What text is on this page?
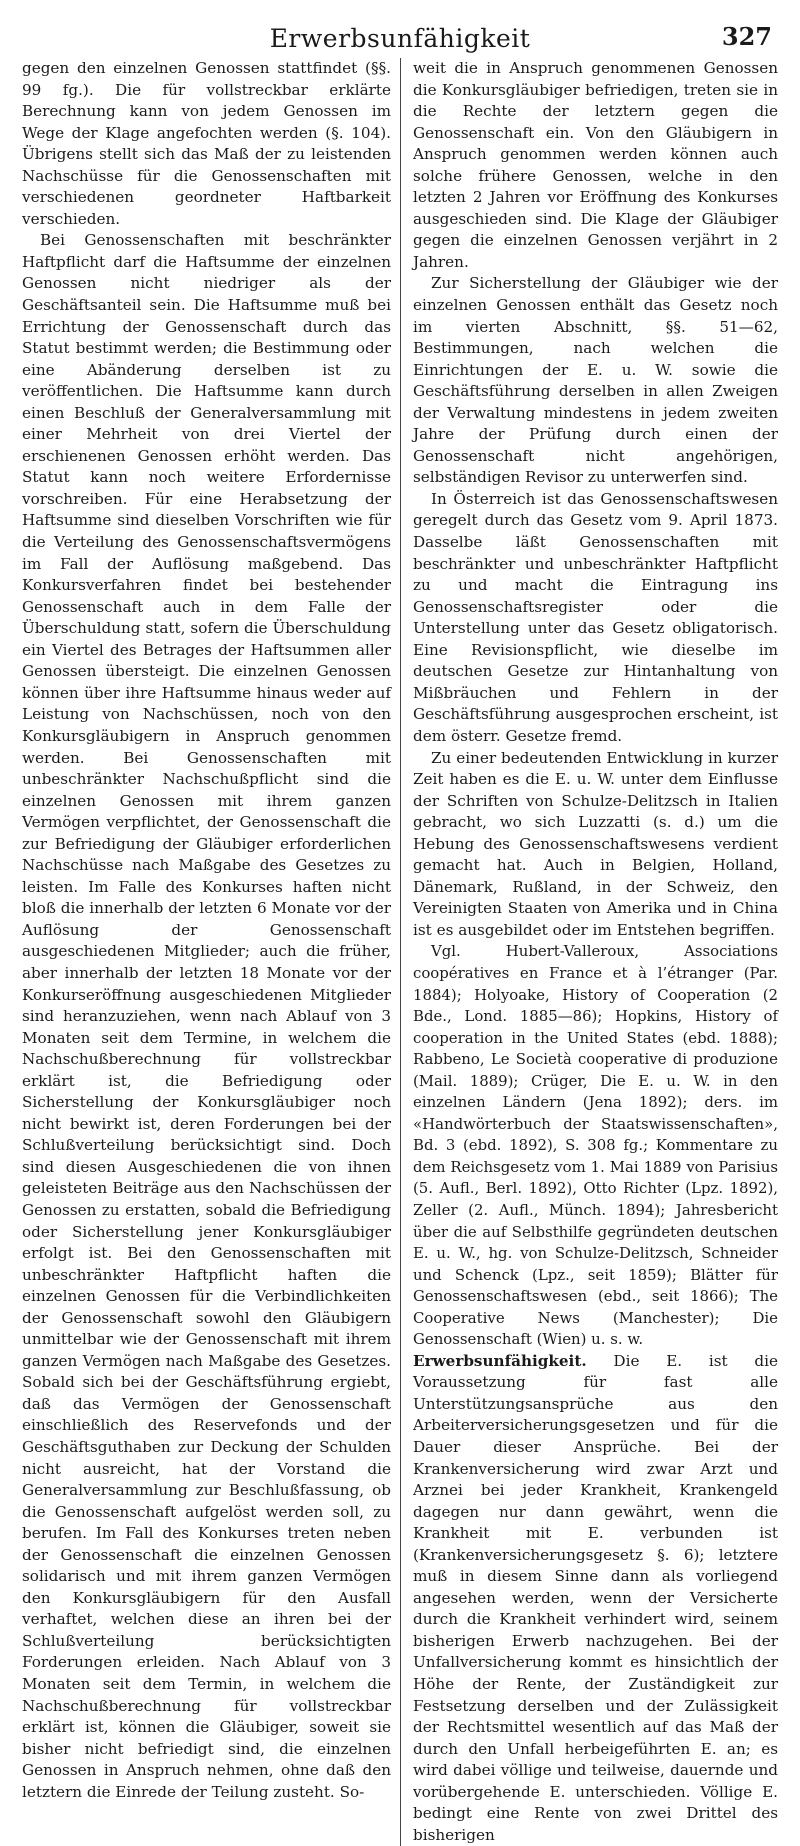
Erwerbsunfähigkeit	327

gegen den einzelnen Genossen stattfindet (§§. 99 fg.). Die für vollstreckbar erklärte Berechnung kann von jedem Genossen im Wege der Klage angefochten werden (§. 104). Übrigens stellt sich das Maß der zu leistenden Nachschüsse für die Genossenschaften mit verschiedenen geordneter Haftbarkeit verschieden.

Bei Genossenschaften mit beschränkter Haftpflicht darf die Haftsumme der einzelnen Genossen nicht niedriger als der Geschäftsanteil sein. Die Haftsumme muß bei Errichtung der Genossenschaft durch das Statut bestimmt werden; die Bestimmung oder eine Abänderung derselben ist zu veröffentlichen. Die Haftsumme kann durch einen Beschluß der Generalversammlung mit einer Mehrheit von drei Viertel der erschienenen Genossen erhöht werden. Das Statut kann noch weitere Erfordernisse vorschreiben. Für eine Herabsetzung der Haftsumme sind dieselben Vorschriften wie für die Verteilung des Genossenschaftsvermögens im Fall der Auflösung maßgebend. Das Konkursverfahren findet bei bestehender Genossenschaft auch in dem Falle der Überschuldung statt, sofern die Überschuldung ein Viertel des Betrages der Haftsummen aller Genossen übersteigt. Die einzelnen Genossen können über ihre Haftsumme hinaus weder auf Leistung von Nachschüssen, noch von den Konkursgläubigern in Anspruch genommen werden. Bei Genossenschaften mit unbeschränkter Nachschußpflicht sind die einzelnen Genossen mit ihrem ganzen Vermögen verpflichtet, der Genossenschaft die zur Befriedigung der Gläubiger erforderlichen Nachschüsse nach Maßgabe des Gesetzes zu leisten. Im Falle des Konkurses haften nicht bloß die innerhalb der letzten 6 Monate vor der Auflösung der Genossenschaft ausgeschiedenen Mitglieder; auch die früher, aber innerhalb der letzten 18 Monate vor der Konkurseröffnung ausgeschiedenen Mitglieder sind heranzuziehen, wenn nach Ablauf von 3 Monaten seit dem Termine, in welchem die Nachschußberechnung für vollstreckbar erklärt ist, die Befriedigung oder Sicherstellung der Konkursgläubiger noch nicht bewirkt ist, deren Forderungen bei der Schlußverteilung berücksichtigt sind. Doch sind diesen Ausgeschiedenen die von ihnen geleisteten Beiträge aus den Nachschüssen der Genossen zu erstatten, sobald die Befriedigung oder Sicherstellung jener Konkursgläubiger erfolgt ist. Bei den Genossenschaften mit unbeschränkter Haftpflicht haften die einzelnen Genossen für die Verbindlichkeiten der Genossenschaft sowohl den Gläubigern unmittelbar wie der Genossenschaft mit ihrem ganzen Vermögen nach Maßgabe des Gesetzes. Sobald sich bei der Geschäftsführung ergiebt, daß das Vermögen der Genossenschaft einschließlich des Reservefonds und der Geschäftsguthaben zur Deckung der Schulden nicht ausreicht, hat der Vorstand die Generalversammlung zur Beschlußfassung, ob die Genossenschaft aufgelöst werden soll, zu berufen. Im Fall des Konkurses treten neben der Genossenschaft die einzelnen Genossen solidarisch und mit ihrem ganzen Vermögen den Konkursgläubigern für den Ausfall verhaftet, welchen diese an ihren bei der Schlußverteilung berücksichtigten Forderungen erleiden. Nach Ablauf von 3 Monaten seit dem Termin, in welchem die Nachschußberechnung für vollstreckbar erklärt ist, können die Gläubiger, soweit sie bisher nicht befriedigt sind, die einzelnen Genossen in Anspruch nehmen, ohne daß den letztern die Einrede der Teilung zusteht. So-

weit die in Anspruch genommenen Genossen die Konkursgläubiger befriedigen, treten sie in die Rechte der letztern gegen die Genossenschaft ein. Von den Gläubigern in Anspruch genommen werden können auch solche frühere Genossen, welche in den letzten 2 Jahren vor Eröffnung des Konkurses ausgeschieden sind. Die Klage der Gläubiger gegen die einzelnen Genossen verjährt in 2 Jahren.

Zur Sicherstellung der Gläubiger wie der einzelnen Genossen enthält das Gesetz noch im vierten Abschnitt, §§. 51—62, Bestimmungen, nach welchen die Einrichtungen der E. u. W. sowie die Geschäftsführung derselben in allen Zweigen der Verwaltung mindestens in jedem zweiten Jahre der Prüfung durch einen der Genossenschaft nicht angehörigen, selbständigen Revisor zu unterwerfen sind.

In Österreich ist das Genossenschaftswesen geregelt durch das Gesetz vom 9. April 1873. Dasselbe läßt Genossenschaften mit beschränkter und unbeschränkter Haftpflicht zu und macht die Eintragung ins Genossenschaftsregister oder die Unterstellung unter das Gesetz obligatorisch. Eine Revisionspflicht, wie dieselbe im deutschen Gesetze zur Hintanhaltung von Mißbräuchen und Fehlern in der Geschäftsführung ausgesprochen erscheint, ist dem österr. Gesetze fremd.

Zu einer bedeutenden Entwicklung in kurzer Zeit haben es die E. u. W. unter dem Einflusse der Schriften von Schulze-Delitzsch in Italien gebracht, wo sich Luzzatti (s. d.) um die Hebung des Genossenschaftswesens verdient gemacht hat. Auch in Belgien, Holland, Dänemark, Rußland, in der Schweiz, den Vereinigten Staaten von Amerika und in China ist es ausgebildet oder im Entstehen begriffen.

Vgl. Hubert-Valleroux, Associations coopératives en France et à l’étranger (Par. 1884); Holyoake, History of Cooperation (2 Bde., Lond. 1885—86); Hopkins, History of cooperation in the United States (ebd. 1888); Rabbeno, Le Società cooperative di produzione (Mail. 1889); Crüger, Die E. u. W. in den einzelnen Ländern (Jena 1892); ders. im «Handwörterbuch der Staatswissenschaften», Bd. 3 (ebd. 1892), S. 308 fg.; Kommentare zu dem Reichsgesetz vom 1. Mai 1889 von Parisius (5. Aufl., Berl. 1892), Otto Richter (Lpz. 1892), Zeller (2. Aufl., Münch. 1894); Jahresbericht über die auf Selbsthilfe gegründeten deutschen E. u. W., hg. von Schulze-Delitzsch, Schneider und Schenck (Lpz., seit 1859); Blätter für Genossenschaftswesen (ebd., seit 1866); The Cooperative News (Manchester); Die Genossenschaft (Wien) u. s. w.

Erwerbsunfähigkeit. Die E. ist die Voraussetzung für fast alle Unterstützungsansprüche aus den Arbeiterversicherungsgesetzen und für die Dauer dieser Ansprüche. Bei der Krankenversicherung wird zwar Arzt und Arznei bei jeder Krankheit, Krankengeld dagegen nur dann gewährt, wenn die Krankheit mit E. verbunden ist (Krankenversicherungsgesetz §. 6); letztere muß in diesem Sinne dann als vorliegend angesehen werden, wenn der Versicherte durch die Krankheit verhindert wird, seinem bisherigen Erwerb nachzugehen. Bei der Unfallversicherung kommt es hinsichtlich der Höhe der Rente, der Zuständigkeit zur Festsetzung derselben und der Zulässigkeit der Rechtsmittel wesentlich auf das Maß der durch den Unfall herbeigeführten E. an; es wird dabei völlige und teilweise, dauernde und vorübergehende E. unterschieden. Völlige E. bedingt eine Rente von zwei Drittel des bisherigen
